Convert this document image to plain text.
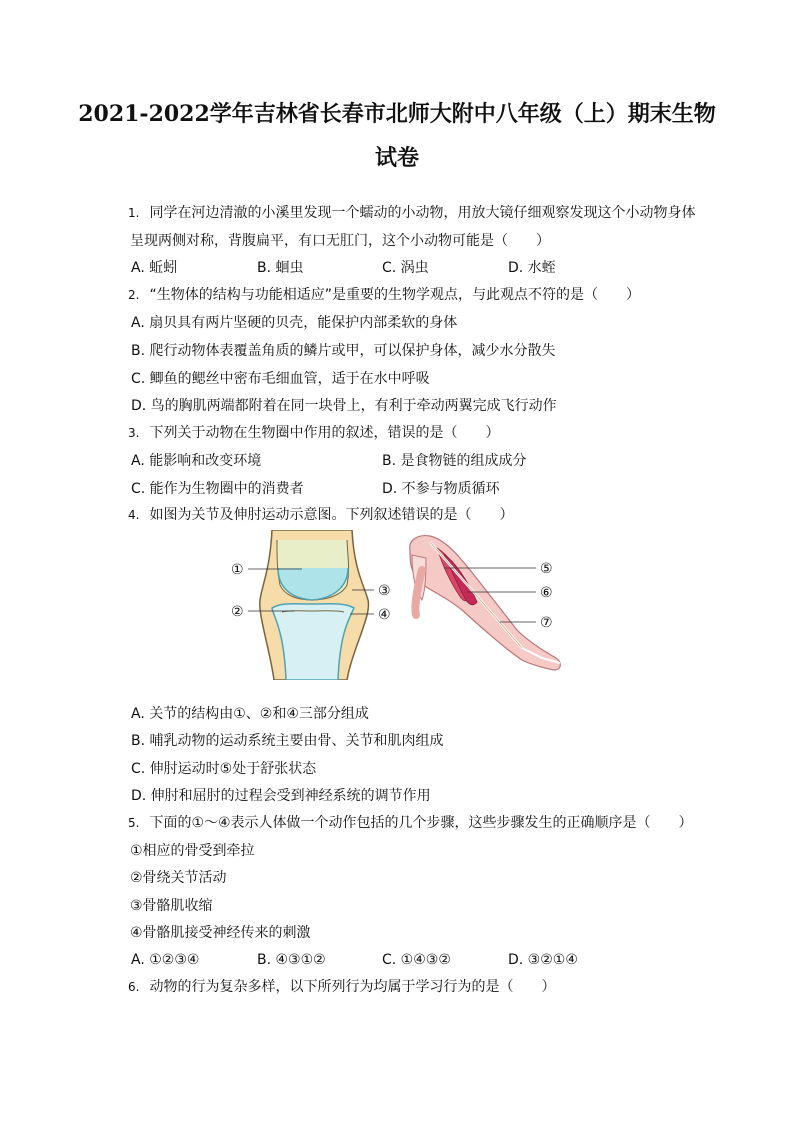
2021-2022学年吉林省长春市北师大附中八年级（上）期末生物
试卷
1. 同学在河边清澈的小溪里发现一个蠕动的小动物，用放大镜仔细观察发现这个小动物身体
呈现两侧对称，背腹扁平，有口无肛门，这个小动物可能是（　　）
A. 蚯蚓	B. 蛔虫	C. 涡虫	D. 水蛭
2. “生物体的结构与功能相适应”是重要的生物学观点，与此观点不符的是（　　）
A. 扇贝具有两片坚硬的贝壳，能保护内部柔软的身体
B. 爬行动物体表覆盖角质的鳞片或甲，可以保护身体，减少水分散失
C. 鲫鱼的鳃丝中密布毛细血管，适于在水中呼吸
D. 鸟的胸肌两端都附着在同一块骨上，有利于牵动两翼完成飞行动作
3. 下列关于动物在生物圈中作用的叙述，错误的是（　　）
A. 能影响和改变环境	B. 是食物链的组成成分
C. 能作为生物圈中的消费者	D. 不参与物质循环
4. 如图为关节及伸肘运动示意图。下列叙述错误的是（　　）
①
②
③
④
⑤
⑥
⑦
A. 关节的结构由①、②和④三部分组成
B. 哺乳动物的运动系统主要由骨、关节和肌肉组成
C. 伸肘运动时⑤处于舒张状态
D. 伸肘和屈肘的过程会受到神经系统的调节作用
5. 下面的①～④表示人体做一个动作包括的几个步骤，这些步骤发生的正确顺序是（　　）
①相应的骨受到牵拉
②骨绕关节活动
③骨骼肌收缩
④骨骼肌接受神经传来的刺激
A. ①②③④	B. ④③①②	C. ①④③②	D. ③②①④
6. 动物的行为复杂多样，以下所列行为均属于学习行为的是（　　）
